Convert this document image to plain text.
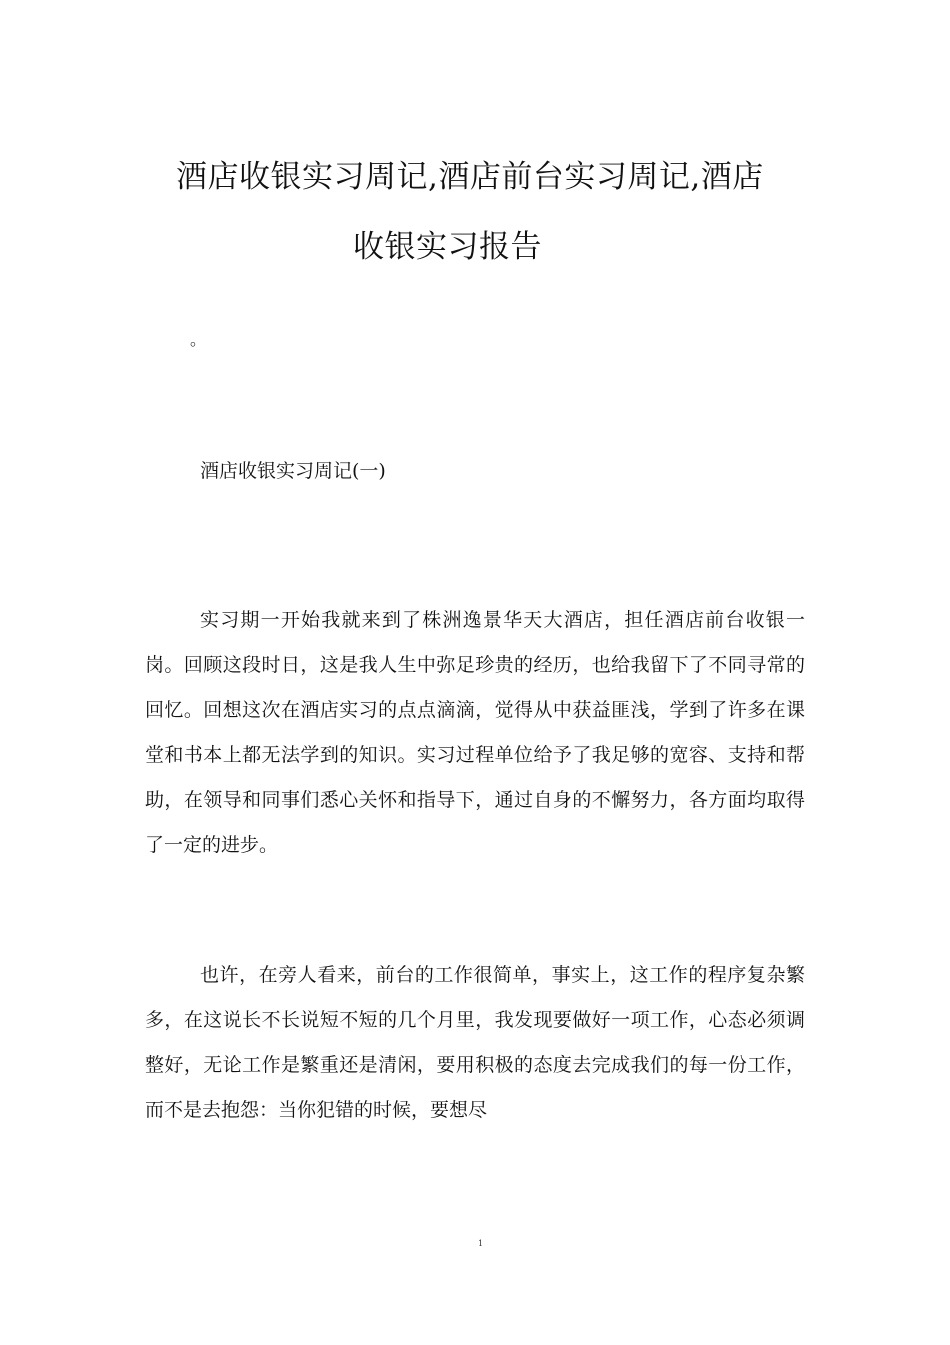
酒店收银实习周记,酒店前台实习周记,酒店
收银实习报告
。
酒店收银实习周记(一)

实习期一开始我就来到了株洲逸景华天大酒店，担任酒店前台收银一岗。回顾这段时日，这是我人生中弥足珍贵的经历，也给我留下了不同寻常的回忆。回想这次在酒店实习的点点滴滴，觉得从中获益匪浅，学到了许多在课堂和书本上都无法学到的知识。实习过程单位给予了我足够的宽容、支持和帮助，在领导和同事们悉心关怀和指导下，通过自身的不懈努力，各方面均取得了一定的进步。

也许，在旁人看来，前台的工作很简单，事实上，这工作的程序复杂繁多，在这说长不长说短不短的几个月里，我发现要做好一项工作，心态必须调整好，无论工作是繁重还是清闲，要用积极的态度去完成我们的每一份工作，而不是去抱怨：当你犯错的时候，要想尽

1
